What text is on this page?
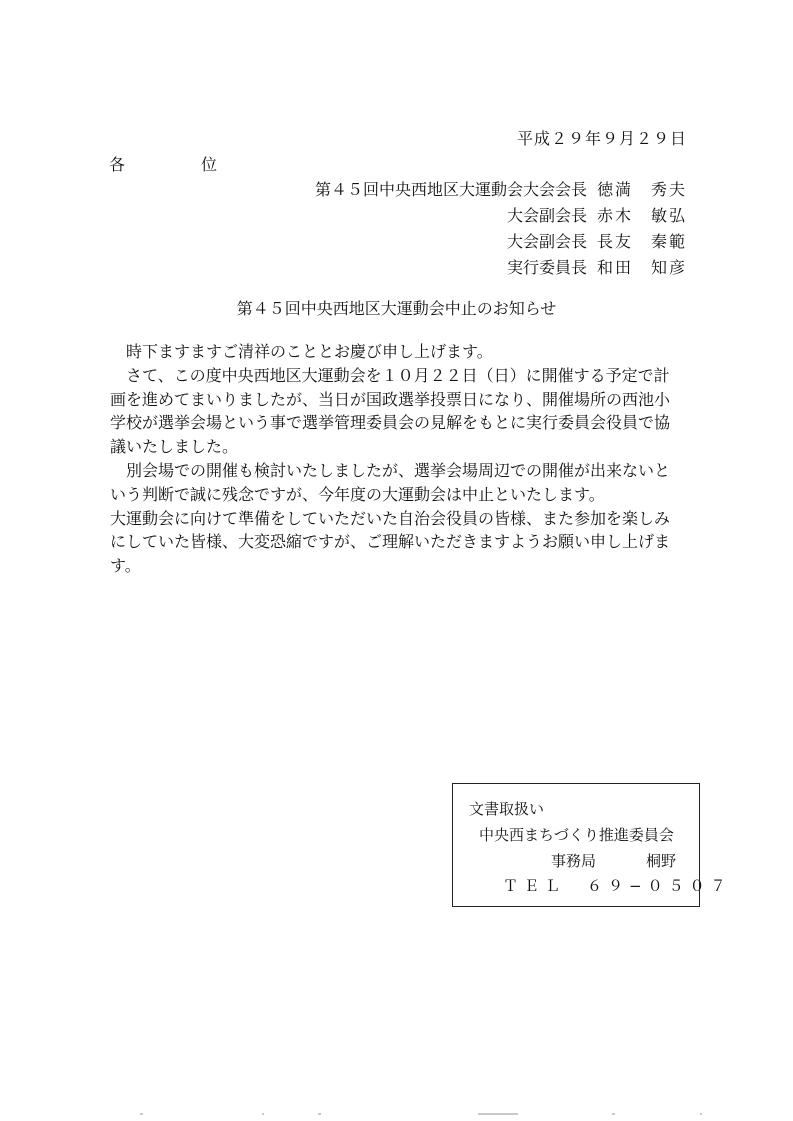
平成２９年９月２９日
各　位
第４５回中央西地区大運動会大会会長 徳満　秀夫
大会副会長 赤木　敏弘
大会副会長 長友　秦範
実行委員長 和田　知彦
第４５回中央西地区大運動会中止のお知らせ

　時下ますますご清祥のこととお慶び申し上げます。

　さて、この度中央西地区大運動会を１０月２２日（日）に開催する予定で計

画を進めてまいりましたが、当日が国政選挙投票日になり、開催場所の西池小

学校が選挙会場という事で選挙管理委員会の見解をもとに実行委員会役員で協

議いたしました。

　別会場での開催も検討いたしましたが、選挙会場周辺での開催が出来ないと

いう判断で誠に残念ですが、今年度の大運動会は中止といたします。

大運動会に向けて準備をしていただいた自治会役員の皆様、また参加を楽しみ

にしていた皆様、大変恐縮ですが、ご理解いただきますようお願い申し上げま

す。

文書取扱い
中央西まちづくり推進委員会
事務局	桐野
ＴＥＬ　６９−０５０７
